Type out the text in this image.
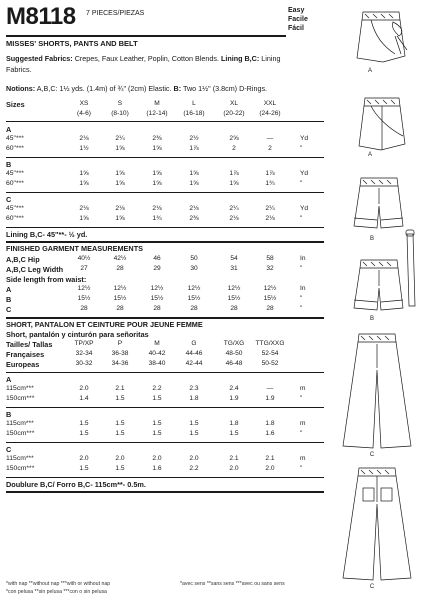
M8118 7 PIECES/PIEZAS	Easy
Facile
Fácil
MISSES' SHORTS, PANTS AND BELT
Suggested Fabrics: Crepes, Faux Leather, Poplin, Cotton Blends. Lining B,C: Lining Fabrics.
Notions: A,B,C: 1½ yds. (1.4m) of ¾" (2cm) Elastic. B: Two 1½" (3.8cm) D-Rings.
Sizes	XS	S	M	L	XL	XXL
(4-6)	(8-10)	(12-14)	(16-18)	(20-22)	(24-26)
A
45"***	2⅛	2¼	2⅜	2½	2⅝	—	Yd
60"***	1½	1⅝	1⅝	1⅞	2	2	"
B
45"***	1⅝	1⅝	1⅝	1⅝	1⅞	1⅞	Yd
60"***	1⅝	1⅝	1⅝	1⅝	1⅝	1¾	"
C
45"***	2⅛	2⅛	2⅛	2⅛	2¼	2¼	Yd
60"***	1⅝	1⅝	1¾	2⅜	2⅛	2⅛	"
Lining B,C- 45"**- ½ yd.
FINISHED GARMENT MEASUREMENTS
A,B,C Hip	40½	42½	46	50	54	58	In
A,B,C Leg Width	27	28	29	30	31	32	"
Side length from waist:
A	12½	12½	12½	12½	12½	12½	In
B	15½	15½	15½	15½	15½	15½	"
C	28	28	28	28	28	28	"
SHORT, PANTALON ET CEINTURE POUR JEUNE FEMME
Short, pantalón y cinturón para señoritas
Tailles/ Tallas	TP/XP	P	M	G	TG/XG	TTG/XXG
Françaises	32-34	36-38	40-42	44-46	48-50	52-54
Europeas	30-32	34-36	38-40	42-44	46-48	50-52
A
115cm***	2.0	2.1	2.2	2.3	2.4	—	m
150cm***	1.4	1.5	1.5	1.8	1.9	1.9	"
B
115cm***	1.5	1.5	1.5	1.5	1.8	1.8	m
150cm***	1.5	1.5	1.5	1.5	1.5	1.6	"
C
115cm***	2.0	2.0	2.0	2.0	2.1	2.1	m
150cm***	1.5	1.5	1.6	2.2	2.0	2.0	"
Doublure B,C/ Forro B,C- 115cm**- 0.5m.
A
A
B
B
C
C
*with nap **without nap ***with or without nap
*con pelusa **sin pelusa ***con o sin pelusa
*avec sens **sans sens ***avec ou sans sens
